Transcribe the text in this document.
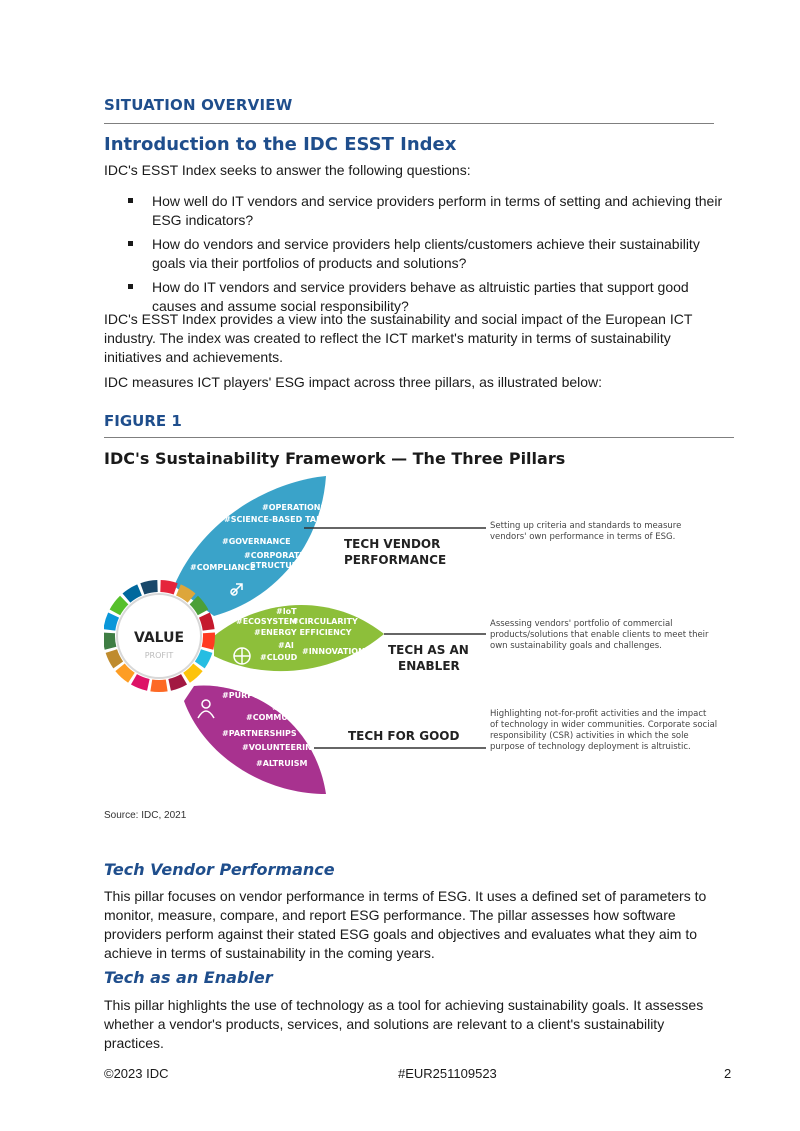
SITUATION OVERVIEW
Introduction to the IDC ESST Index
IDC's ESST Index seeks to answer the following questions:
How well do IT vendors and service providers perform in terms of setting and achieving their ESG indicators?
How do vendors and service providers help clients/customers achieve their sustainability goals via their portfolios of products and solutions?
How do IT vendors and service providers behave as altruistic parties that support good causes and assume social responsibility?
IDC's ESST Index provides a view into the sustainability and social impact of the European ICT industry. The index was created to reflect the ICT market's maturity in terms of sustainability initiatives and achievements.
IDC measures ICT players' ESG impact across three pillars, as illustrated below:
FIGURE 1
IDC's Sustainability Framework — The Three Pillars
#OPERATIONS
#SCIENCE-BASED TARGETS
#GOVERNANCE
#CORPORATE
STRUCTURE
#COMPLIANCE
#IoT
#ECOSYSTEM
#CIRCULARITY
#ENERGY EFFICIENCY
#AI
#CLOUD
#INNOVATION
#PURPOSE
#NGO
#COMMUNITY
#PARTNERSHIPS
#VOLUNTEERING
#ALTRUISM
VALUE
PROFIT
TECH VENDOR
PERFORMANCE
TECH AS AN
ENABLER
TECH FOR GOOD
Setting up criteria and standards to measure
vendors' own performance in terms of ESG.
Assessing vendors' portfolio of commercial
products/solutions that enable clients to meet their
own sustainability goals and challenges.
Highlighting not-for-profit activities and the impact
of technology in wider communities. Corporate social
responsibility (CSR) activities in which the sole
purpose of technology deployment is altruistic.
Source: IDC, 2021
Tech Vendor Performance
This pillar focuses on vendor performance in terms of ESG. It uses a defined set of parameters to monitor, measure, compare, and report ESG performance. The pillar assesses how software providers perform against their stated ESG goals and objectives and evaluates what they aim to achieve in terms of sustainability in the coming years.
Tech as an Enabler
This pillar highlights the use of technology as a tool for achieving sustainability goals. It assesses whether a vendor's products, services, and solutions are relevant to a client's sustainability practices.
©2023 IDC	#EUR251109523	2
